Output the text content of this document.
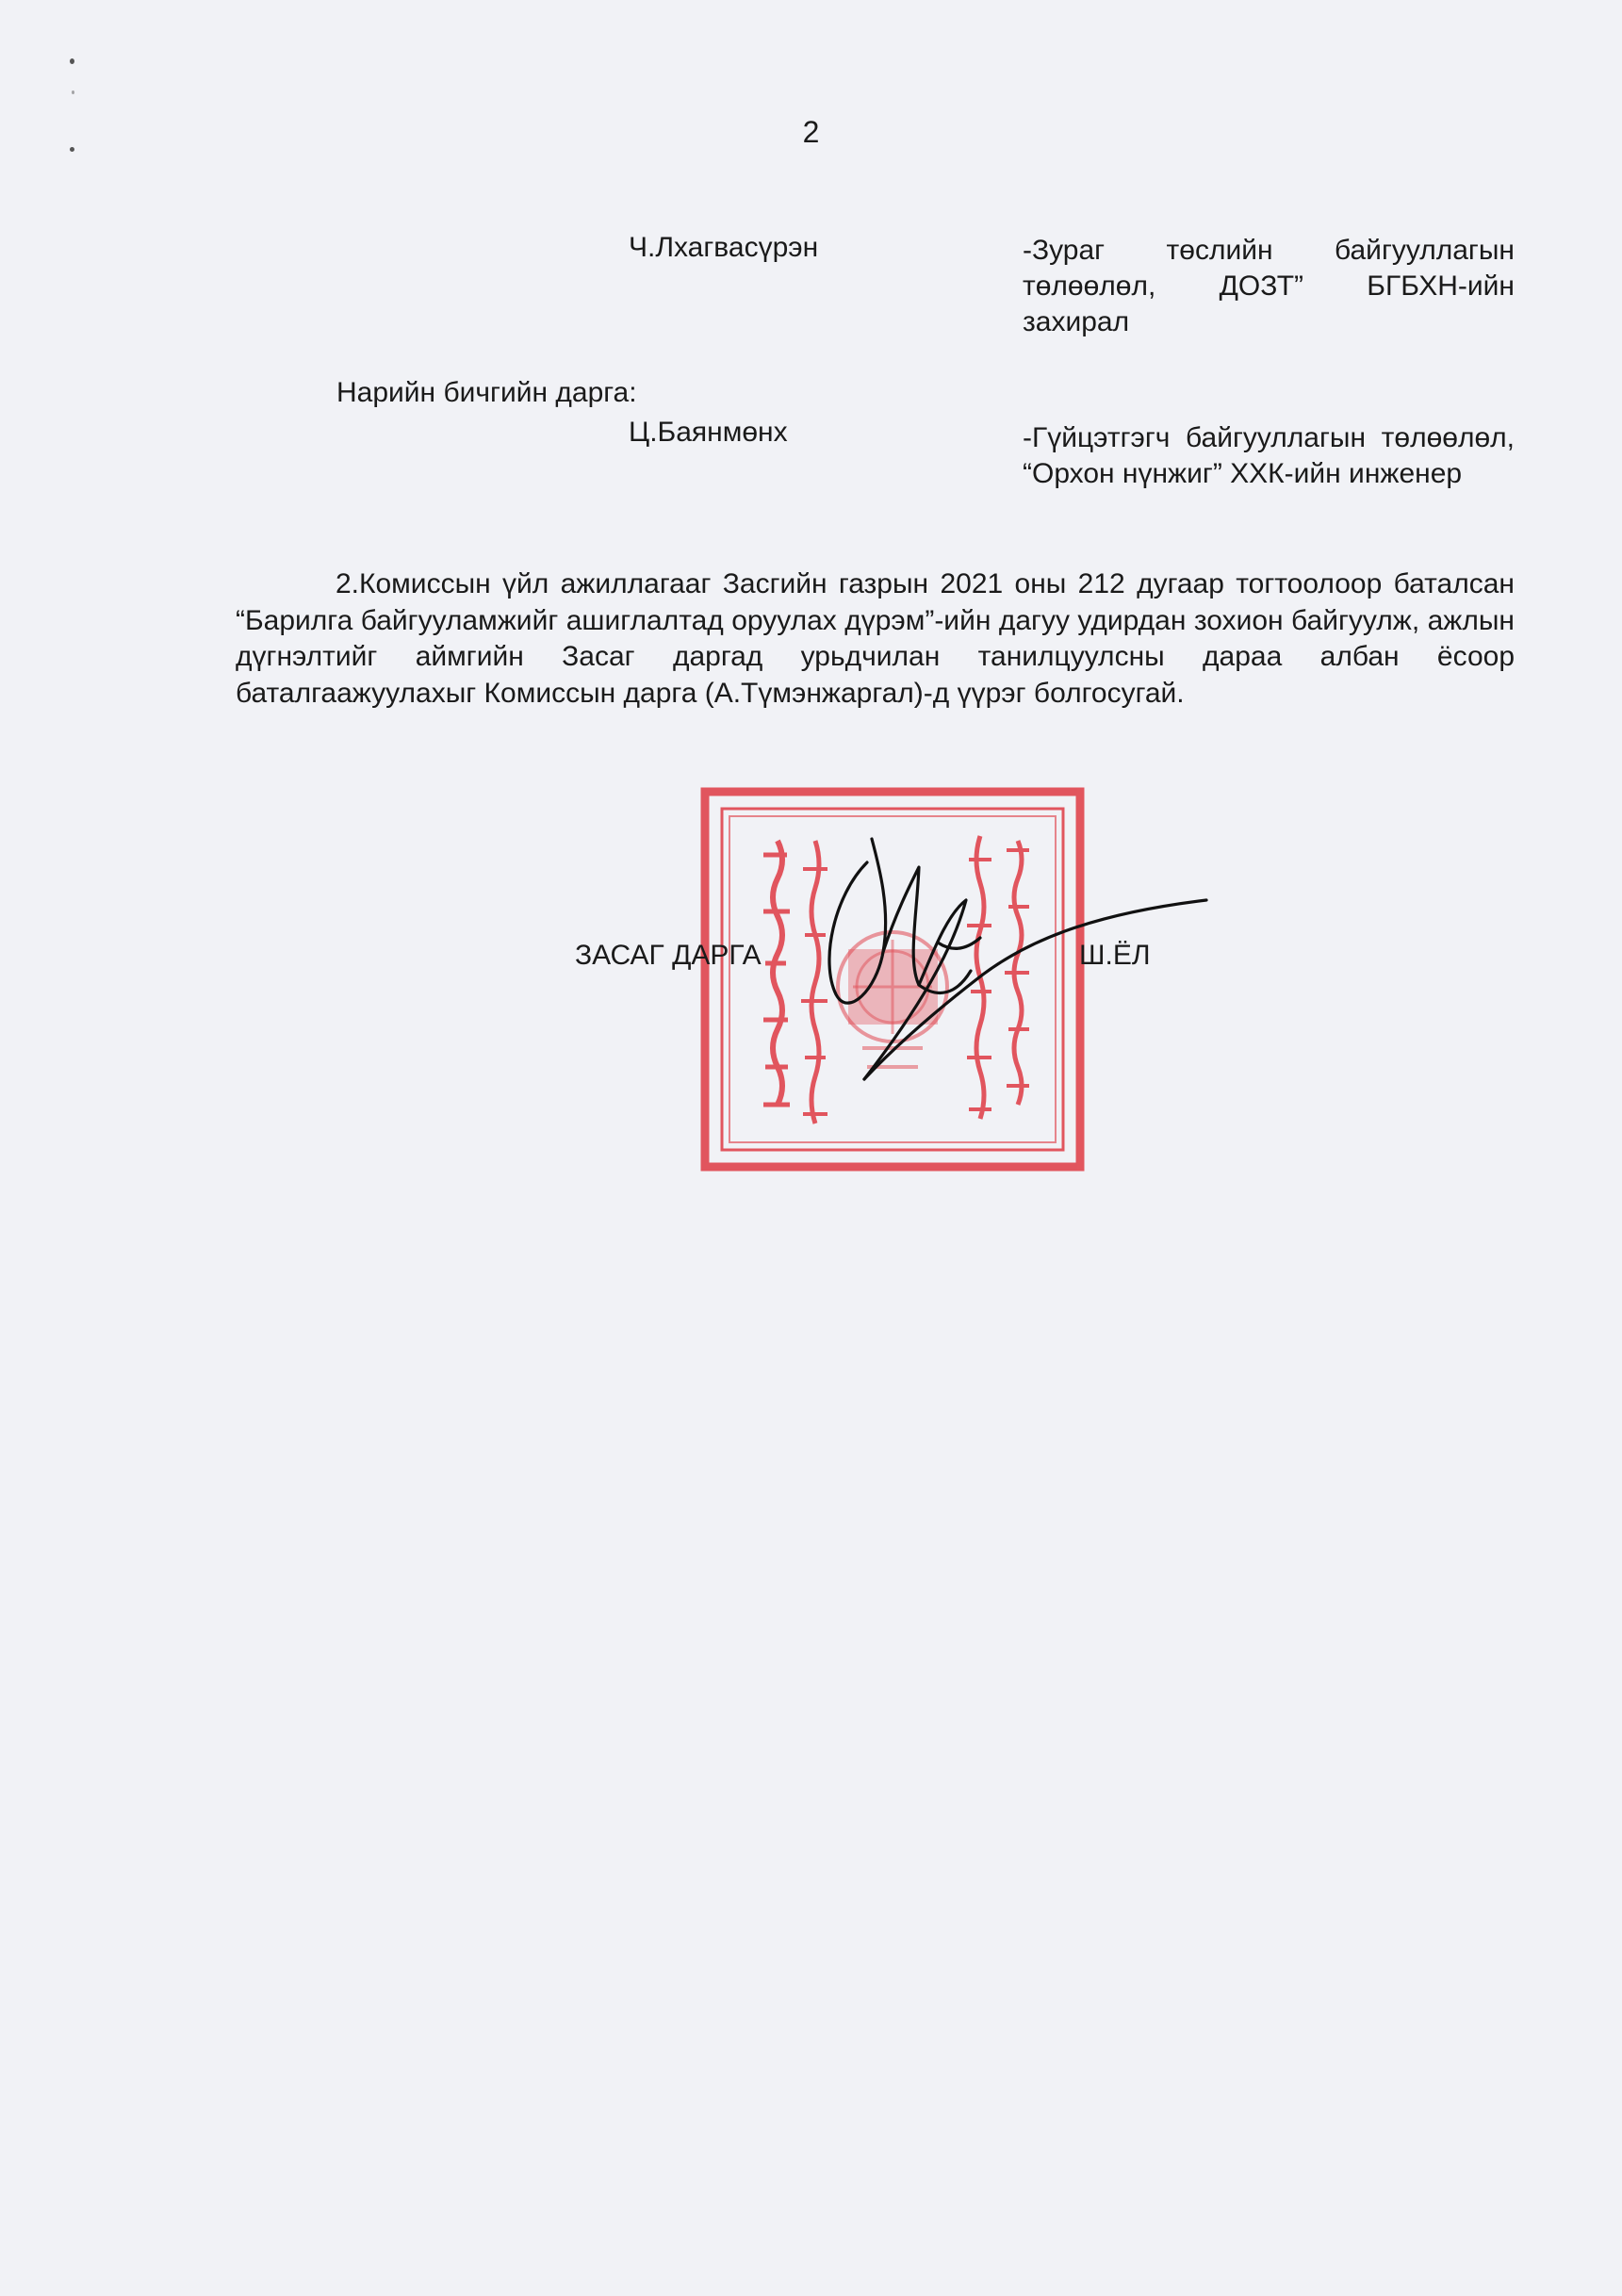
2
Ч.Лхагвасүрэн	-Зураг төслийн байгууллагын төлөөлөл, ДОЗТ” БГБХН-ийн захирал
Нарийн бичгийн дарга:
Ц.Баянмөнх	-Гүйцэтгэгч байгууллагын төлөөлөл, “Орхон нүнжиг” ХХК-ийн инженер
2.Комиссын үйл ажиллагааг Засгийн газрын 2021 оны 212 дугаар тогтоолоор баталсан “Барилга байгууламжийг ашиглалтад оруулах дүрэм”-ийн дагуу удирдан зохион байгуулж, ажлын дүгнэлтийг аймгийн Засаг даргад урьдчилан танилцуулсны дараа албан ёсоор баталгаажуулахыг Комиссын дарга (А.Түмэнжаргал)-д үүрэг болгосугай.
ЗАСАГ ДАРГА	Ш.ЁЛ
